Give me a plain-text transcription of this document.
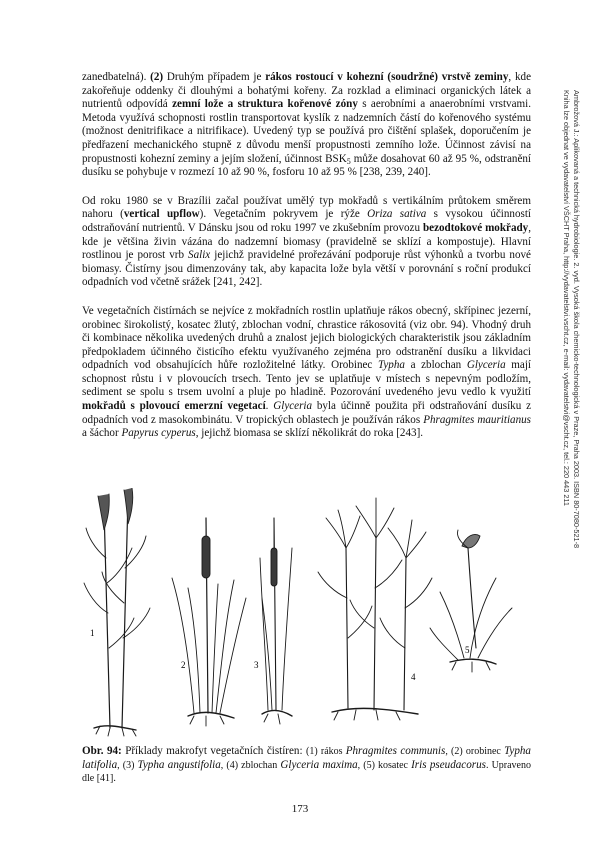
zanedbatelná). (2) Druhým případem je rákos rostoucí v kohezní (soudržné) vrstvě zeminy, kde zakořeňuje oddenky či dlouhými a bohatými kořeny. Za rozklad a eliminaci organických látek a nutrientů odpovídá zemní lože a struktura kořenové zóny s aerobními a anaerobními vrstvami. Metoda využívá schopnosti rostlin transportovat kyslík z nadzemních částí do kořenového systému (možnost denitrifikace a nitrifikace). Uvedený typ se používá pro čištění splašek, doporučením je předřazení mechanického stupně z důvodu menší propustnosti zemního lože. Účinnost závisí na propustnosti kohezní zeminy a jejím složení, účinnost $BSK_5$ může dosahovat 60 až 95 %, odstranění dusíku se pohybuje v rozmezí 10 až 90 %, fosforu 10 až 95 % [238, 239, 240].

Od roku 1980 se v Brazílii začal používat umělý typ mokřadů s vertikálním průtokem směrem nahoru (vertical upflow). Vegetačním pokryvem je rýže Oriza sativa s vysokou účinností odstraňování nutrientů. V Dánsku jsou od roku 1997 ve zkušebním provozu bezodtokové mokřady, kde je většina živin vázána do nadzemní biomasy (pravidelně se sklízí a kompostuje). Hlavní rostlinou je porost vrb Salix jejichž pravidelné prořezávání podporuje růst výhonků a tvorbu nové biomasy. Čistírny jsou dimenzovány tak, aby kapacita lože byla větší v porovnání s roční produkcí odpadních vod včetně srážek [241, 242].

Ve vegetačních čistírnách se nejvíce z mokřadních rostlin uplatňuje rákos obecný, skřípinec jezerní, orobinec širokolistý, kosatec žlutý, zblochan vodní, chrastice rákosovitá (viz obr. 94). Vhodný druh či kombinace několika uvedených druhů a znalost jejich biologických charakteristik jsou základním předpokladem účinného čisticího efektu využívaného zejména pro odstranění dusíku a likvidaci odpadních vod obsahujících hůře rozložitelné látky. Orobinec Typha a zblochan Glyceria mají schopnost růstu i v plovoucích trsech. Tento jev se uplatňuje v místech s nepevným podložím, sediment se spolu s trsem uvolní a pluje po hladině. Pozorování uvedeného jevu vedlo k využití mokřadů s plovoucí emerzní vegetací. Glyceria byla účinně použita při odstraňování dusíku z odpadních vod z masokombinátu. V tropických oblastech je používán rákos Phragmites mauritianus a šáchor Papyrus cyperus, jejichž biomasa se sklízí několikrát do roka [243].	Ambrožová J.: Aplikovaná a technická hydrobiologie. 2. vyd. Vysoká škola chemicko-technologická v Praze, Praha 2003. ISBN 80-7080-521-8
Kniha lze objednat ve vydavatelství VŠCHT Praha, http://vydavatelstvi.vscht.cz, e-mail: vydavatelstvi@vscht.cz, tel.: 220 443 211
1
2	3
4
5
Obr. 94: Příklady makrofyt vegetačních čistíren: (1) rákos Phragmites communis, (2) orobinec Typha latifolia, (3) Typha angustifolia, (4) zblochan Glyceria maxima, (5) kosatec Iris pseudacorus. Upraveno dle [41].
173
